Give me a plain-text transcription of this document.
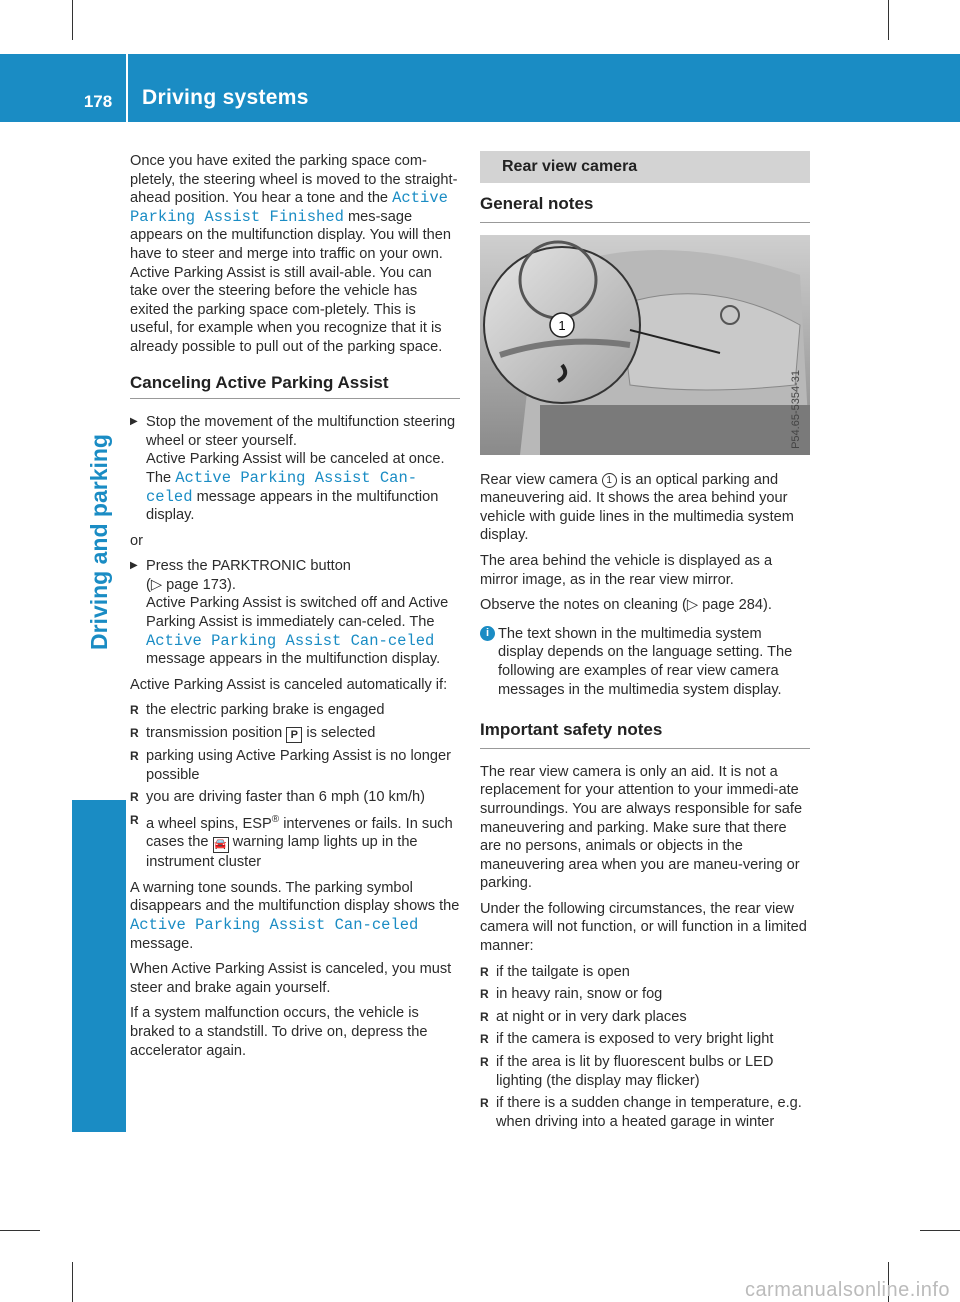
178	Driving systems
Driving and parking

Once you have exited the parking space com-pletely, the steering wheel is moved to the straight-ahead position. You hear a tone and the Active Parking Assist Finished mes-sage appears on the multifunction display. You will then have to steer and merge into traffic on your own. Active Parking Assist is still avail-able. You can take over the steering before the vehicle has exited the parking space com-pletely. This is useful, for example when you recognize that it is already possible to pull out of the parking space.

Canceling Active Parking Assist
▶ Stop the movement of the multifunction steering wheel or steer yourself.
Active Parking Assist will be canceled at once. The Active Parking Assist Can-celed message appears in the multifunction display.

or

▶ Press the PARKTRONIC button
(▷ page 173).
Active Parking Assist is switched off and Active Parking Assist is immediately can-celed. The Active Parking Assist Can-celed message appears in the multifunction display.

Active Parking Assist is canceled automatically if:

R the electric parking brake is engaged
R transmission position P is selected
R parking using Active Parking Assist is no longer possible
R you are driving faster than 6 mph (10 km/h)
R a wheel spins, ESP® intervenes or fails. In such cases the 🚘 warning lamp lights up in the instrument cluster

A warning tone sounds. The parking symbol disappears and the multifunction display shows the Active Parking Assist Can-celed message.

When Active Parking Assist is canceled, you must steer and brake again yourself.

If a system malfunction occurs, the vehicle is braked to a standstill. To drive on, depress the accelerator again.

Rear view camera
General notes
1
P54.65-5354-31

Rear view camera 1 is an optical parking and maneuvering aid. It shows the area behind your vehicle with guide lines in the multimedia system display.

The area behind the vehicle is displayed as a mirror image, as in the rear view mirror.

Observe the notes on cleaning (▷ page 284).

i The text shown in the multimedia system display depends on the language setting. The following are examples of rear view camera messages in the multimedia system display.
Important safety notes

The rear view camera is only an aid. It is not a replacement for your attention to your immedi-ate surroundings. You are always responsible for safe maneuvering and parking. Make sure that there are no persons, animals or objects in the maneuvering area when you are maneu-vering or parking.

Under the following circumstances, the rear view camera will not function, or will function in a limited manner:

R if the tailgate is open
R in heavy rain, snow or fog
R at night or in very dark places
R if the camera is exposed to very bright light
R if the area is lit by fluorescent bulbs or LED lighting (the display may flicker)
R if there is a sudden change in temperature, e.g. when driving into a heated garage in winter
carmanualsonline.info
